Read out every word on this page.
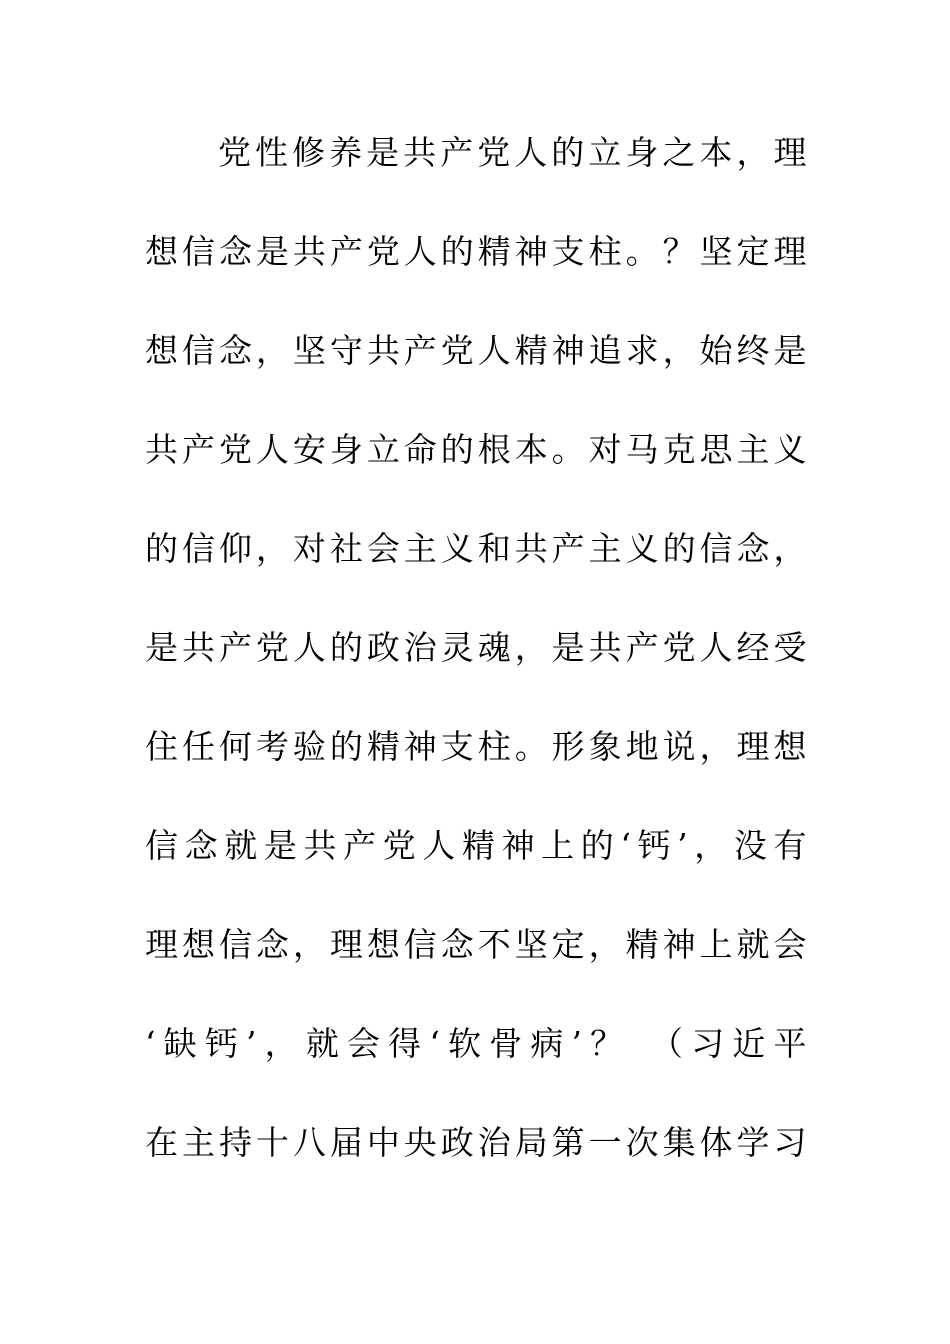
党性修养是共产党人的立身之本，理
想信念是共产党人的精神支柱。？坚定理
想信念，坚守共产党人精神追求，始终是
共产党人安身立命的根本。对马克思主义
的信仰，对社会主义和共产主义的信念，
是共产党人的政治灵魂，是共产党人经受
住任何考验的精神支柱。形象地说，理想
信念就是共产党人精神上的‘钙’，没有
理想信念，理想信念不坚定，精神上就会
‘缺钙’，就会得‘软骨病’？ （习近平
在主持十八届中央政治局第一次集体学习
